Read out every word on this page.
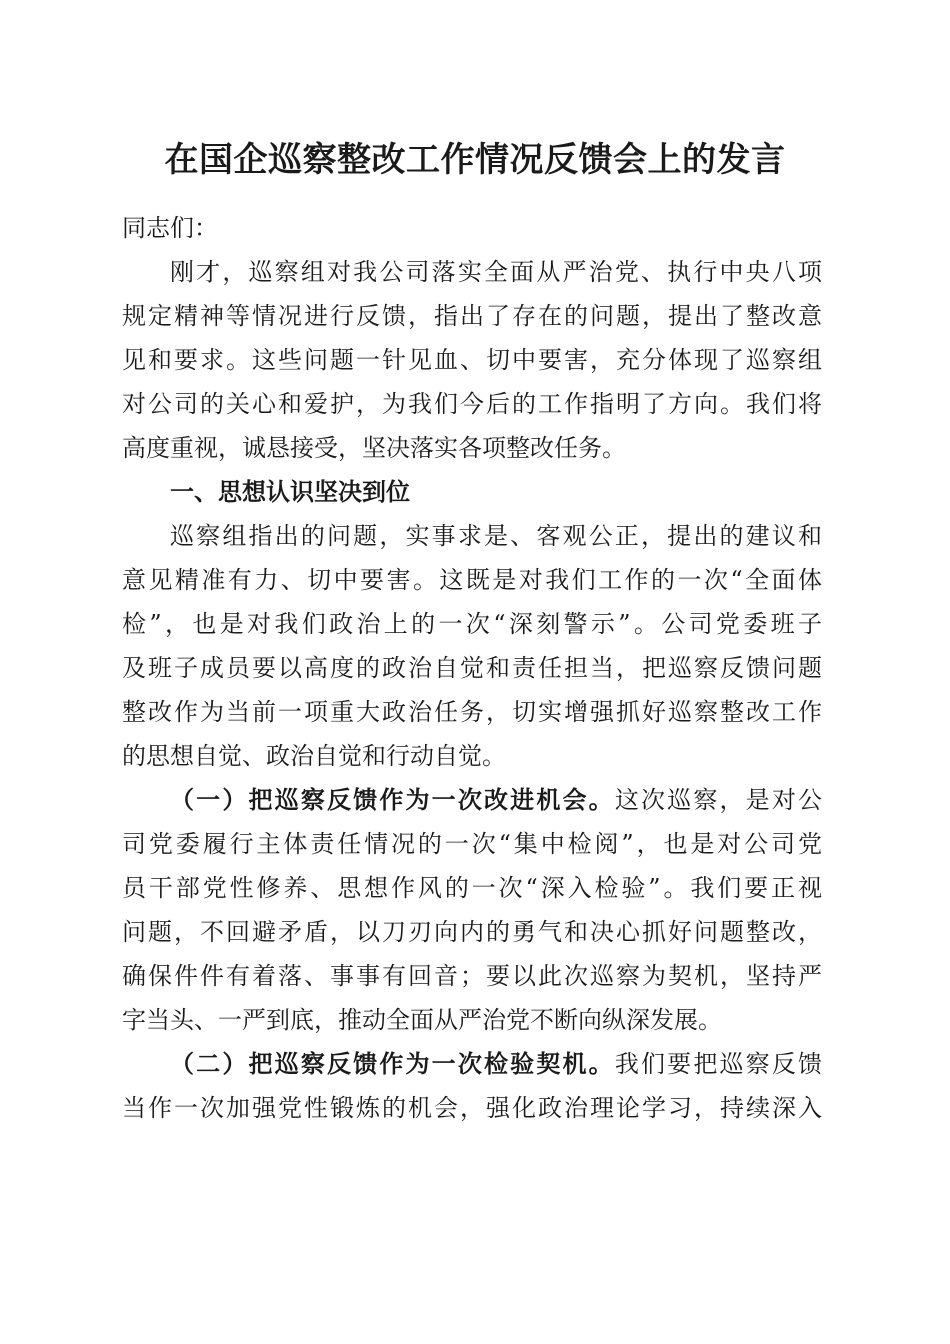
在国企巡察整改工作情况反馈会上的发言
同志们：
刚才，巡察组对我公司落实全面从严治党、执行中央八项
规定精神等情况进行反馈，指出了存在的问题，提出了整改意
见和要求。这些问题一针见血、切中要害，充分体现了巡察组
对公司的关心和爱护，为我们今后的工作指明了方向。我们将
高度重视，诚恳接受，坚决落实各项整改任务。
一、思想认识坚决到位
巡察组指出的问题，实事求是、客观公正，提出的建议和
意见精准有力、切中要害。这既是对我们工作的一次“全面体
检”，也是对我们政治上的一次“深刻警示”。公司党委班子
及班子成员要以高度的政治自觉和责任担当，把巡察反馈问题
整改作为当前一项重大政治任务，切实增强抓好巡察整改工作
的思想自觉、政治自觉和行动自觉。
（一）把巡察反馈作为一次改进机会。这次巡察，是对公
司党委履行主体责任情况的一次“集中检阅”，也是对公司党
员干部党性修养、思想作风的一次“深入检验”。我们要正视
问题，不回避矛盾，以刀刃向内的勇气和决心抓好问题整改，
确保件件有着落、事事有回音；要以此次巡察为契机，坚持严
字当头、一严到底，推动全面从严治党不断向纵深发展。
（二）把巡察反馈作为一次检验契机。我们要把巡察反馈
当作一次加强党性锻炼的机会，强化政治理论学习，持续深入
